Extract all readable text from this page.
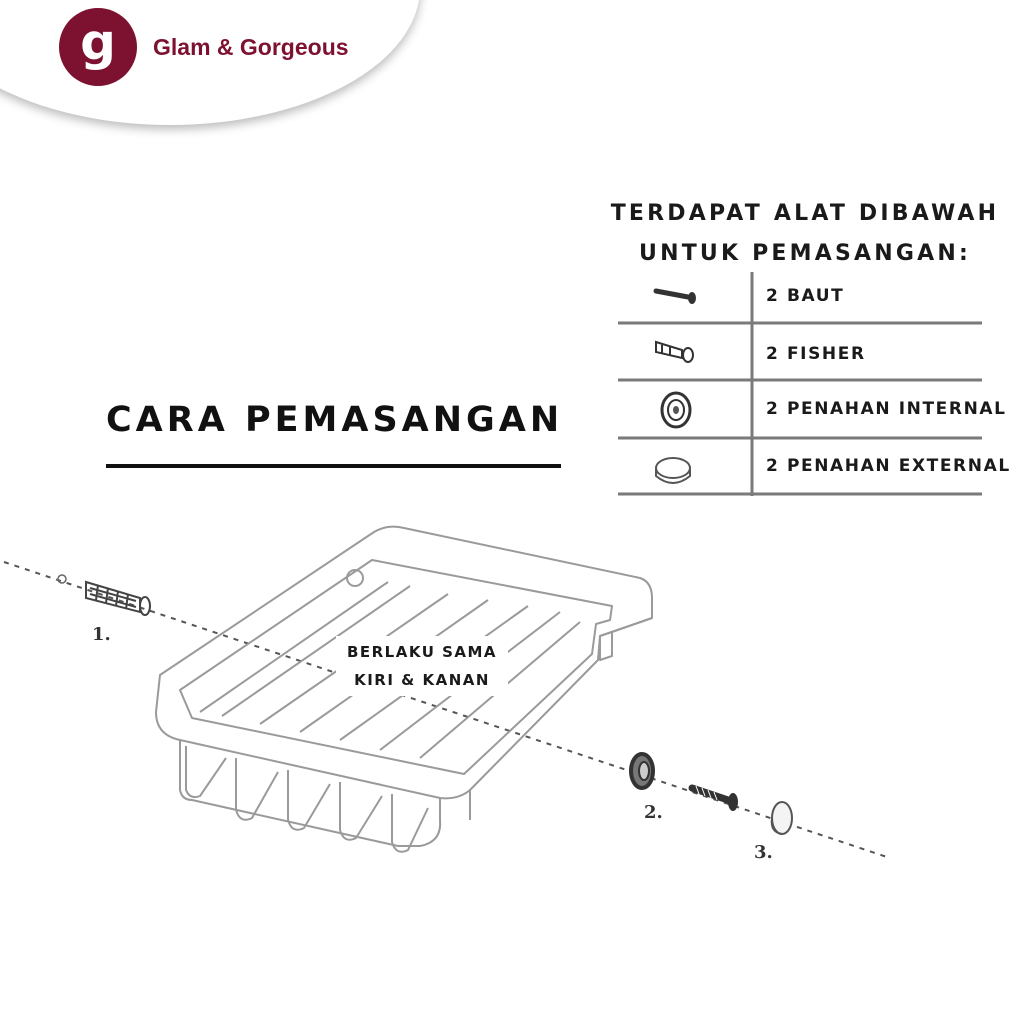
g Glam & Gorgeous
TERDAPAT ALAT DIBAWAH
UNTUK PEMASANGAN:
2 BAUT
2 FISHER
2 PENAHAN INTERNAL
2 PENAHAN EXTERNAL
CARA PEMASANGAN
BERLAKU SAMA
KIRI & KANAN
1.
2.
3.
